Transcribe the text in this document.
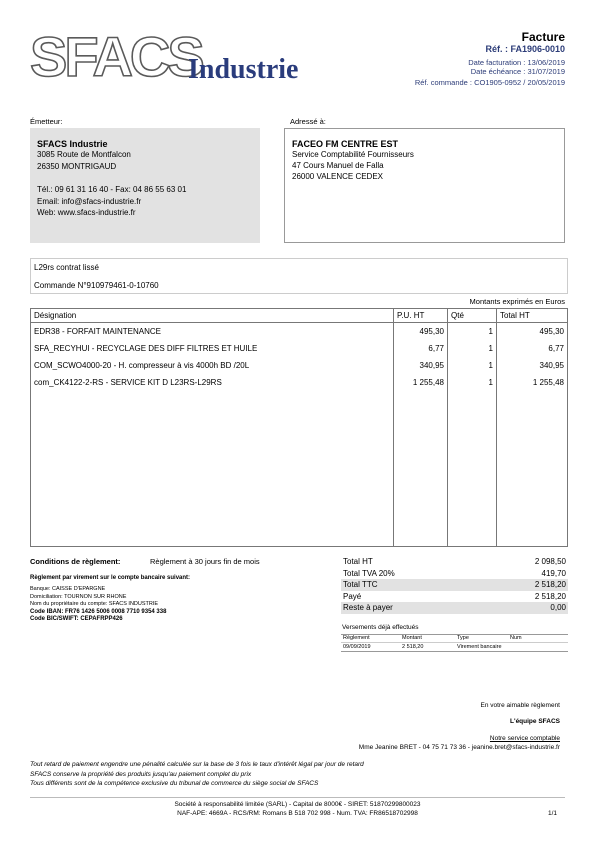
SFACS
Industrie
Facture
Réf. : FA1906-0010
Date facturation : 13/06/2019
Date échéance : 31/07/2019
Réf. commande : CO1905-0952 / 20/05/2019
Émetteur:
SFACS Industrie
3085 Route de Montfalcon
26350 MONTRIGAUD
Tél.: 09 61 31 16 40 - Fax: 04 86 55 63 01
Email: info@sfacs-industrie.fr
Web: www.sfacs-industrie.fr
Adressé à:
FACEO FM CENTRE EST
Service Comptabilité Fournisseurs
47 Cours Manuel de Falla
26000 VALENCE CEDEX
L29rs contrat lissé
Commande N°910979461-0-10760
Montants exprimés en Euros
Désignation	P.U. HT	Qté	Total HT
EDR38 - FORFAIT MAINTENANCE	495,30	1	495,30
SFA_RECYHUI - RECYCLAGE DES DIFF FILTRES ET HUILE	6,77	1	6,77
COM_SCWO4000-20 - H. compresseur à vis 4000h BD /20L	340,95	1	340,95
com_CK4122-2-RS - SERVICE KIT D L23RS-L29RS	1 255,48	1	1 255,48
Conditions de règlement:	Règlement à 30 jours fin de mois
Règlement par virement sur le compte bancaire suivant:
Banque: CAISSE D'EPARGNE
Domiciliation: TOURNON SUR RHONE
Nom du propriétaire du compte: SFACS INDUSTRIE
Code IBAN: FR76 1426 5006 0008 7710 9354 338
Code BIC/SWIFT: CEPAFRPP426
Total HT	2 098,50
Total TVA 20%	419,70
Total TTC	2 518,20
Payé	2 518,20
Reste à payer	0,00
Versements déjà effectués
Règlement	Montant	Type	Num
09/09/2019	2 518,20	Virement bancaire
En votre aimable règlement
L'équipe SFACS
Notre service comptable
Mme Jeanine BRET - 04 75 71 73 36 - jeanine.bret@sfacs-industrie.fr
Tout retard de paiement engendre une pénalité calculée sur la base de 3 fois le taux d'intérêt légal par jour de retard
SFACS conserve la propriété des produits jusqu'au paiement complet du prix
Tous différents sont de la compétence exclusive du tribunal de commerce du siège social de SFACS
Société à responsabilité limitée (SARL) - Capital de 8000€ - SIRET: 51870299800023
NAF-APE: 4669A - RCS/RM: Romans B 518 702 998 - Num. TVA: FR86518702998	1/1
